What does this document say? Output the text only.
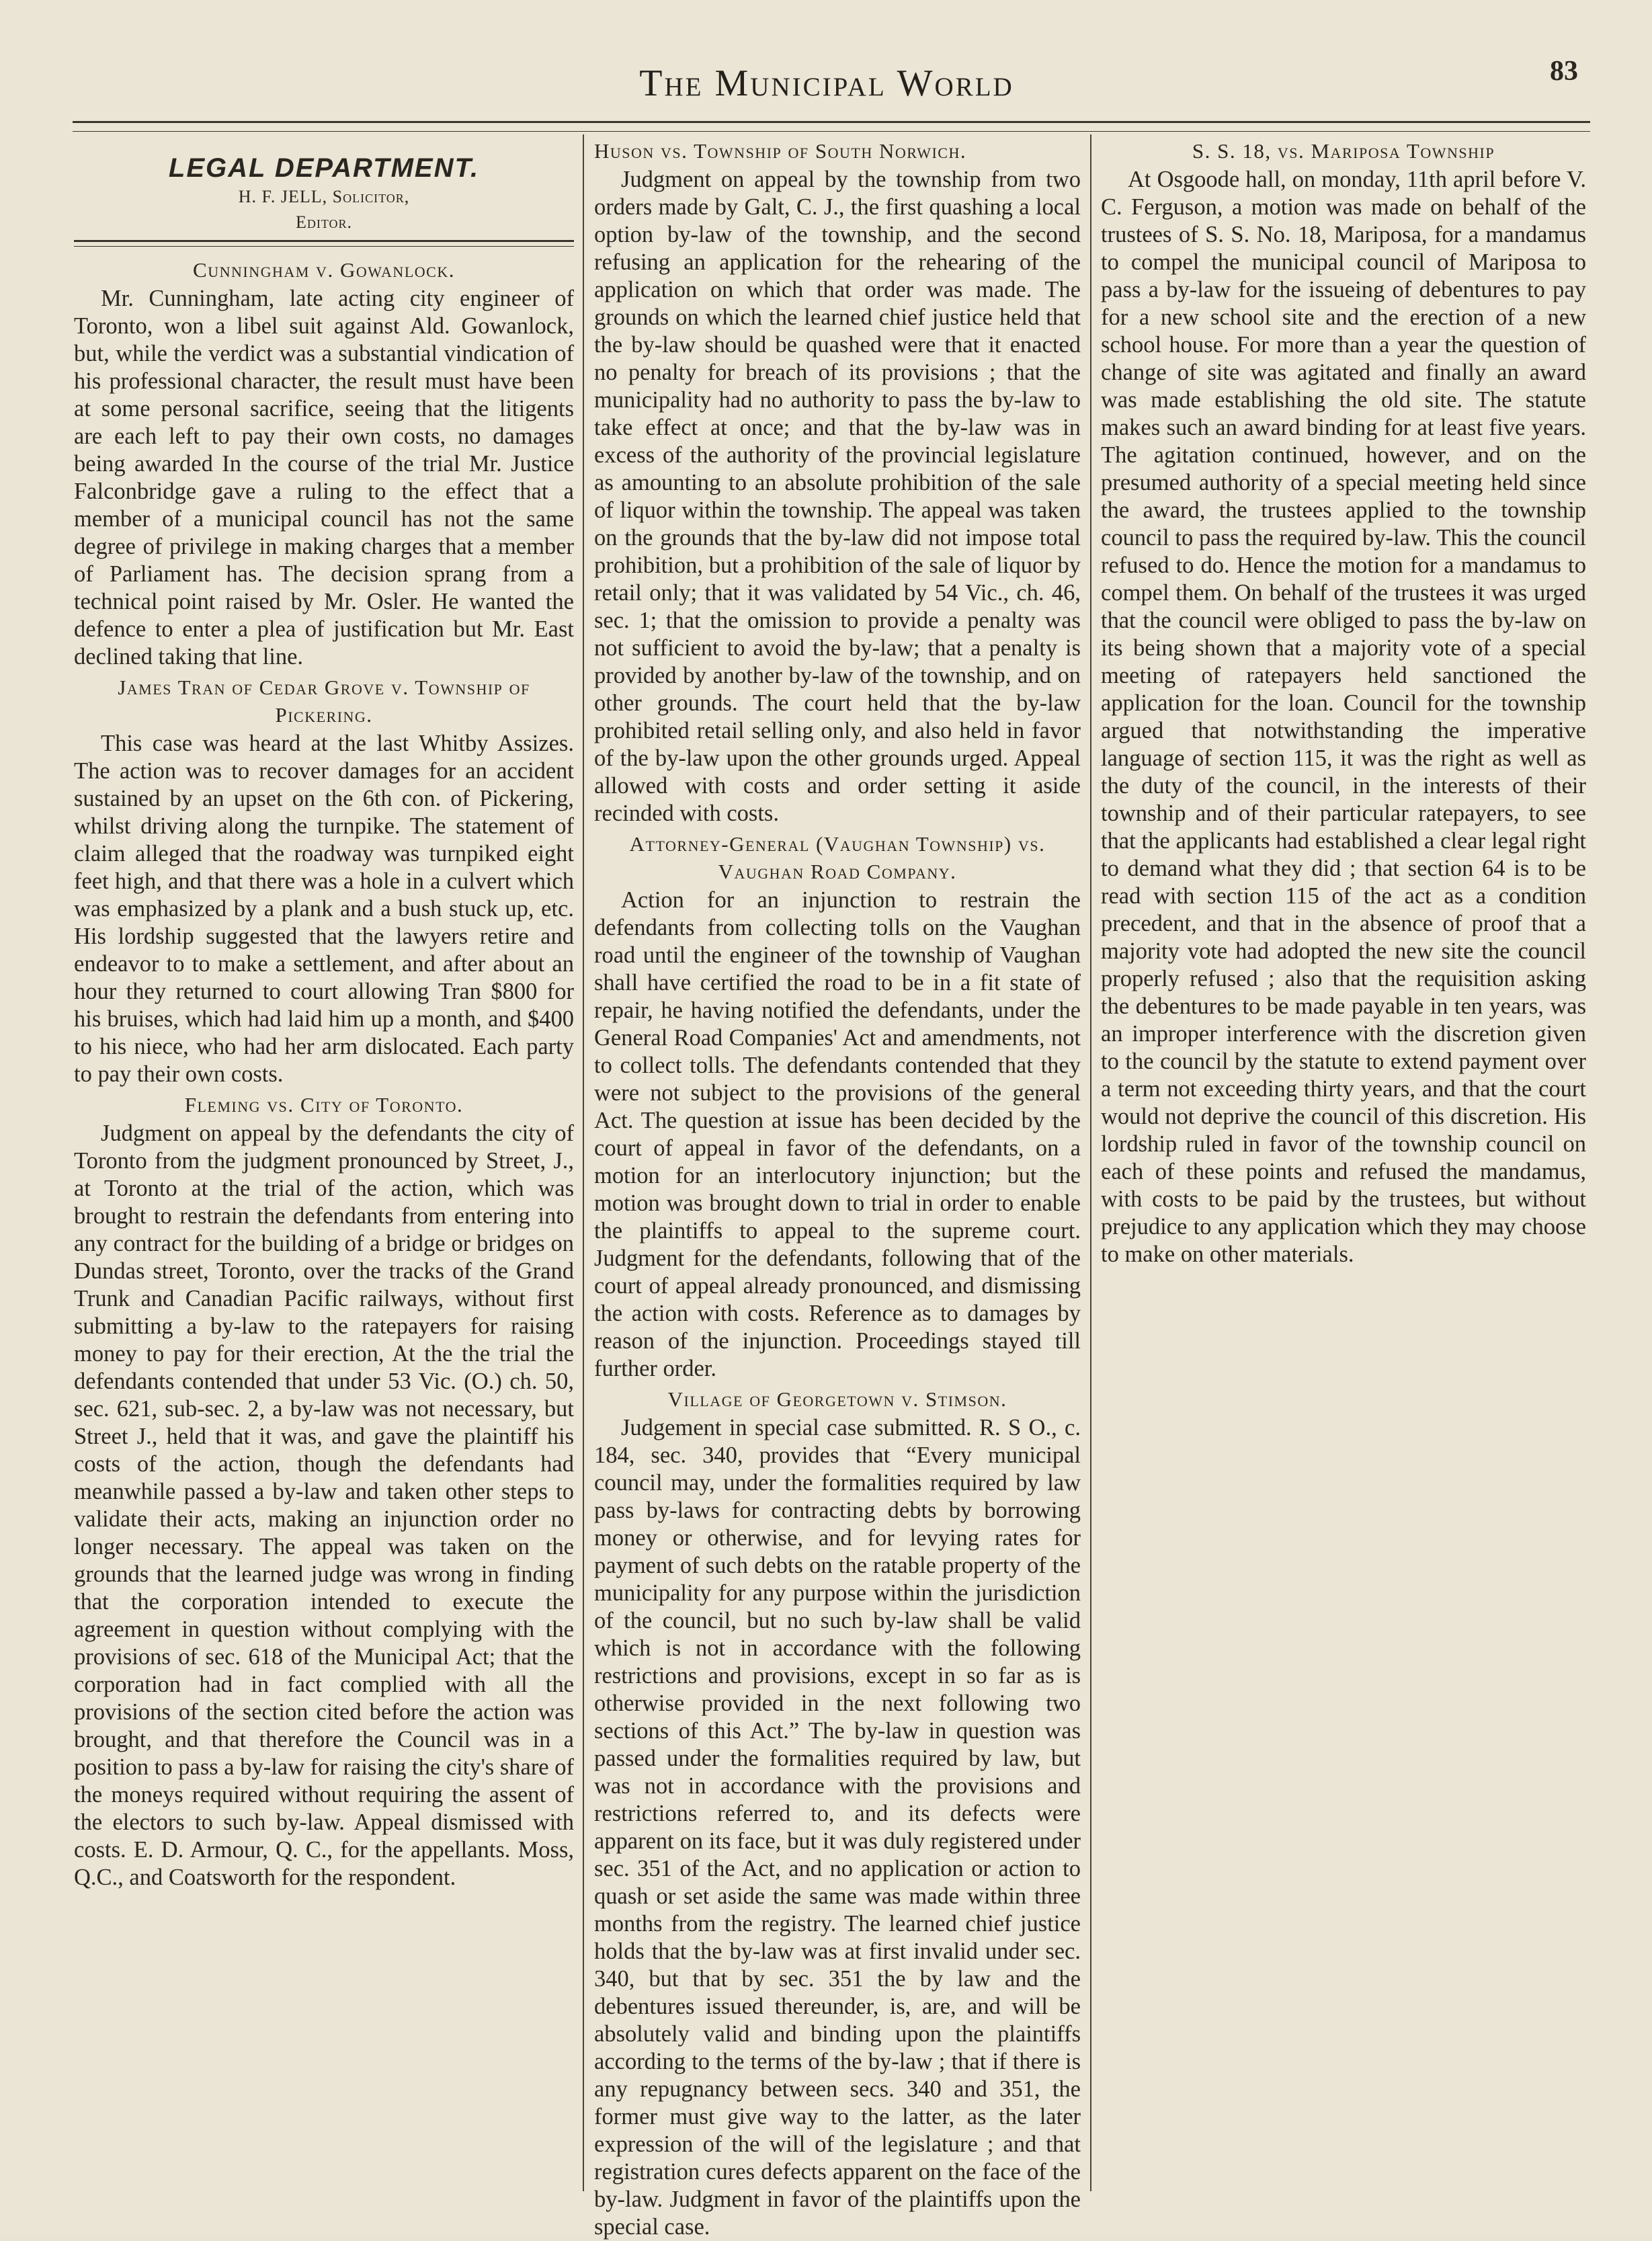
The Municipal World	83
LEGAL DEPARTMENT.
H. F. JELL, Solicitor,
Editor.
Cunningham v. Gowanlock.

Mr. Cunningham, late acting city engineer of Toronto, won a libel suit against Ald. Gowanlock, but, while the verdict was a substantial vindication of his professional character, the result must have been at some personal sacrifice, seeing that the litigents are each left to pay their own costs, no damages being awarded In the course of the trial Mr. Justice Falconbridge gave a ruling to the effect that a member of a municipal council has not the same degree of privilege in making charges that a member of Parliament has. The decision sprang from a technical point raised by Mr. Osler. He wanted the defence to enter a plea of justification but Mr. East declined taking that line.

James Tran of Cedar Grove v. Township of Pickering.

This case was heard at the last Whitby Assizes. The action was to recover damages for an accident sustained by an upset on the 6th con. of Pickering, whilst driving along the turnpike. The statement of claim alleged that the roadway was turnpiked eight feet high, and that there was a hole in a culvert which was emphasized by a plank and a bush stuck up, etc. His lordship suggested that the lawyers retire and endeavor to to make a settlement, and after about an hour they returned to court allowing Tran $800 for his bruises, which had laid him up a month, and $400 to his niece, who had her arm dislocated. Each party to pay their own costs.

Fleming vs. City of Toronto.

Judgment on appeal by the defendants the city of Toronto from the judgment pronounced by Street, J., at Toronto at the trial of the action, which was brought to restrain the defendants from entering into any contract for the building of a bridge or bridges on Dundas street, Toronto, over the tracks of the Grand Trunk and Canadian Pacific railways, without first submitting a by-law to the ratepayers for raising money to pay for their erection, At the the trial the defendants contended that under 53 Vic. (O.) ch. 50, sec. 621, sub-sec. 2, a by-law was not necessary, but Street J., held that it was, and gave the plaintiff his costs of the action, though the defendants had meanwhile passed a by-law and taken other steps to validate their acts, making an injunction order no longer necessary. The appeal was taken on the grounds that the learned judge was wrong in finding that the corporation intended to execute the agreement in question without complying with the provisions of sec. 618 of the Municipal Act; that the corporation had in fact complied with all the provisions of the section cited before the action was brought, and that therefore the Council was in a position to pass a by-law for raising the city's share of the moneys required without requiring the assent of the electors to such by-law. Appeal dismissed with costs. E. D. Armour, Q. C., for the appellants. Moss, Q.C., and Coatsworth for the respondent.

Huson vs. Township of South Norwich.

Judgment on appeal by the township from two orders made by Galt, C. J., the first quashing a local option by-law of the township, and the second refusing an application for the rehearing of the application on which that order was made. The grounds on which the learned chief justice held that the by-law should be quashed were that it enacted no penalty for breach of its provisions ; that the municipality had no authority to pass the by-law to take effect at once; and that the by-law was in excess of the authority of the provincial legislature as amounting to an absolute prohibition of the sale of liquor within the township. The appeal was taken on the grounds that the by-law did not impose total prohibition, but a prohibition of the sale of liquor by retail only; that it was validated by 54 Vic., ch. 46, sec. 1; that the omission to provide a penalty was not sufficient to avoid the by-law; that a penalty is provided by another by-law of the township, and on other grounds. The court held that the by-law prohibited retail selling only, and also held in favor of the by-law upon the other grounds urged. Appeal allowed with costs and order setting it aside recinded with costs.

Attorney-General (Vaughan Township) vs. Vaughan Road Company.

Action for an injunction to restrain the defendants from collecting tolls on the Vaughan road until the engineer of the township of Vaughan shall have certified the road to be in a fit state of repair, he having notified the defendants, under the General Road Companies' Act and amendments, not to collect tolls. The defendants contended that they were not subject to the provisions of the general Act. The question at issue has been decided by the court of appeal in favor of the defendants, on a motion for an interlocutory injunction; but the motion was brought down to trial in order to enable the plaintiffs to appeal to the supreme court. Judgment for the defendants, following that of the court of appeal already pronounced, and dismissing the action with costs. Reference as to damages by reason of the injunction. Proceedings stayed till further order.

Village of Georgetown v. Stimson.

Judgement in special case submitted. R. S O., c. 184, sec. 340, provides that “Every municipal council may, under the formalities required by law pass by-laws for contracting debts by borrowing money or otherwise, and for levying rates for payment of such debts on the ratable property of the municipality for any purpose within the jurisdiction of the council, but no such by-law shall be valid which is not in accordance with the following restrictions and provisions, except in so far as is otherwise provided in the next following two sections of this Act.” The by-law in question was passed under the formalities required by law, but was not in accordance with the provisions and restrictions referred to, and its defects were apparent on its face, but it was duly registered under sec. 351 of the Act, and no application or action to quash or set aside the same was made within three months from the registry. The learned chief justice holds that the by-law was at first invalid under sec. 340, but that by sec. 351 the by law and the debentures issued thereunder, is, are, and will be absolutely valid and binding upon the plaintiffs according to the terms of the by-law ; that if there is any repugnancy between secs. 340 and 351, the former must give way to the latter, as the later expression of the will of the legislature ; and that registration cures defects apparent on the face of the by-law. Judgment in favor of the plaintiffs upon the special case.

S. S. 18, vs. Mariposa Township

At Osgoode hall, on monday, 11th april before V. C. Ferguson, a motion was made on behalf of the trustees of S. S. No. 18, Mariposa, for a mandamus to compel the municipal council of Mariposa to pass a by-law for the issueing of debentures to pay for a new school site and the erection of a new school house. For more than a year the question of change of site was agitated and finally an award was made establishing the old site. The statute makes such an award binding for at least five years. The agitation continued, however, and on the presumed authority of a special meeting held since the award, the trustees applied to the township council to pass the required by-law. This the council refused to do. Hence the motion for a mandamus to compel them. On behalf of the trustees it was urged that the council were obliged to pass the by-law on its being shown that a majority vote of a special meeting of ratepayers held sanctioned the application for the loan. Council for the township argued that notwithstanding the imperative language of section 115, it was the right as well as the duty of the council, in the interests of their township and of their particular ratepayers, to see that the applicants had established a clear legal right to demand what they did ; that section 64 is to be read with section 115 of the act as a condition precedent, and that in the absence of proof that a majority vote had adopted the new site the council properly refused ; also that the requisition asking the debentures to be made payable in ten years, was an improper interference with the discretion given to the council by the statute to extend payment over a term not exceeding thirty years, and that the court would not deprive the council of this discretion. His lordship ruled in favor of the township council on each of these points and refused the mandamus, with costs to be paid by the trustees, but without prejudice to any application which they may choose to make on other materials.
